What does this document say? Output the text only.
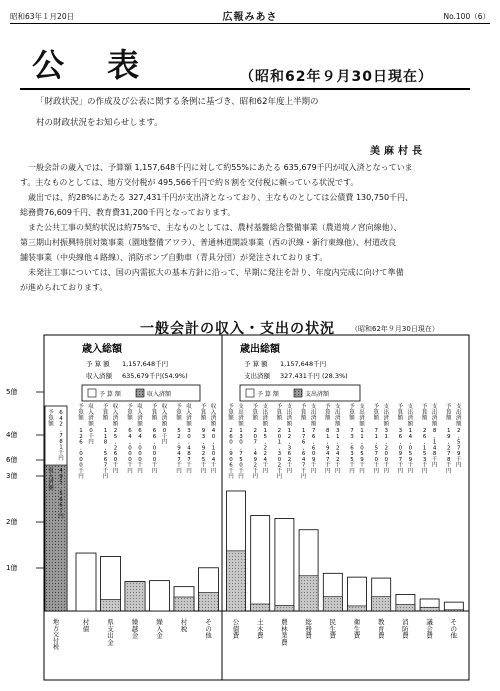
昭和63年１月20日	広報みあさ	No.100（6）
公 表	（昭和62年９月30日現在）
「財政状況」の作成及び公表に関する条例に基づき、昭和62年度上半期の
村の財政状況をお知らせします。
美麻村長
一般会計の歳入では、予算額 1,157,648千円に対して約55%にあたる 635,679千円が収入済となっていま
す。主なものとしては、地方交付税が 495,566千円で約８割を交付税に頼っている状況です。
歳出では、約28%にあたる 327,431千円が支出済となっており、主なものとしては公債費 130,750千円、
総務費76,609千円、教育費31,200千円となっております。
また公共工事の契約状況は約75%で、主なものとしては、農村基盤総合整備事業（農道境ノ宮向線他）、
第三期山村振興特別対策事業（園地整備アワラ）、普通林道開設事業（西の沢線・新行東線他）、村道改良
舗装事業（中央線他４路線）、消防ポンプ自動車（青具分団）が発注されております。
未発注工事については、国の内需拡大の基本方針に沿って、早期に発注を計り、年度内完成に向けて準備
が進められております。
一般会計の収入・支出の状況 （昭和62年９月30日現在）
6億
5億
4億
3億
2億
1億
歳入総額
予 算 額 1,157,648千円
収入済額 635,679千円(54.9%)
予 算 額	収入済額
歳出総額
予 算 額 1,157,648千円
支出済額 327,431千円 (28.3%)
予 算 額	支出済額
予算額
6 4 2 , 7 8 1 千円
収入済額
4 9 5 , 5 6 6 千円
地方交付税
村債
予算額
収入済額
1 2 6 , 0 0 0 千円
0 千円
県支出金
予算額
収入済額
1 1 8 , 5 6 7 千円
2 5 , 2 6 0 千円
繰越金
予算額
収入済額
6 4 , 0 0 0 千円
6 4 , 0 0 0 千円
繰入金
予算額
収入済額
6 6 , 0 0 0 千円
0 千円
村税
予算額
収入済額
5 2 , 9 4 7 千円
3 0 , 4 8 7 千円
その他
予算額
収入済額
9 3 , 9 2 5 千円
4 0 , 1 0 4 千円
公債費
予算額
支出済額
2 6 0 , 9 0 6 千円
1 3 0 , 7 5 0 千円
土木費
予算額
支出済額
2 0 7 , 4 9 2 千円
1 5 , 2 2 4 千円
農林業費
予算額
支出済額
2 0 1 , 3 0 2 千円
1 2 , 3 6 2 千円
総務費
予算額
支出済額
1 7 6 , 6 4 7 千円
7 6 , 6 0 9 千円
民生費
予算額
支出済額
8 1 , 9 4 7 千円
3 1 , 2 4 2 千円
衛生費
予算額
支出済額
7 3 , 6 3 5 千円
1 1 , 0 5 9 千円
教育費
予算額
支出済額
7 1 , 5 7 0 千円
3 1 , 2 0 0 千円
消防費
予算額
支出済額
3 6 , 0 9 7 千円
1 4 , 0 5 9 千円
議会費
予算額
支出済額
2 6 , 1 5 3 千円
8 , 1 4 8 千円
その他
予算額
支出済額
1 9 , 2 7 8 千円
2 , 5 7 9 千円
